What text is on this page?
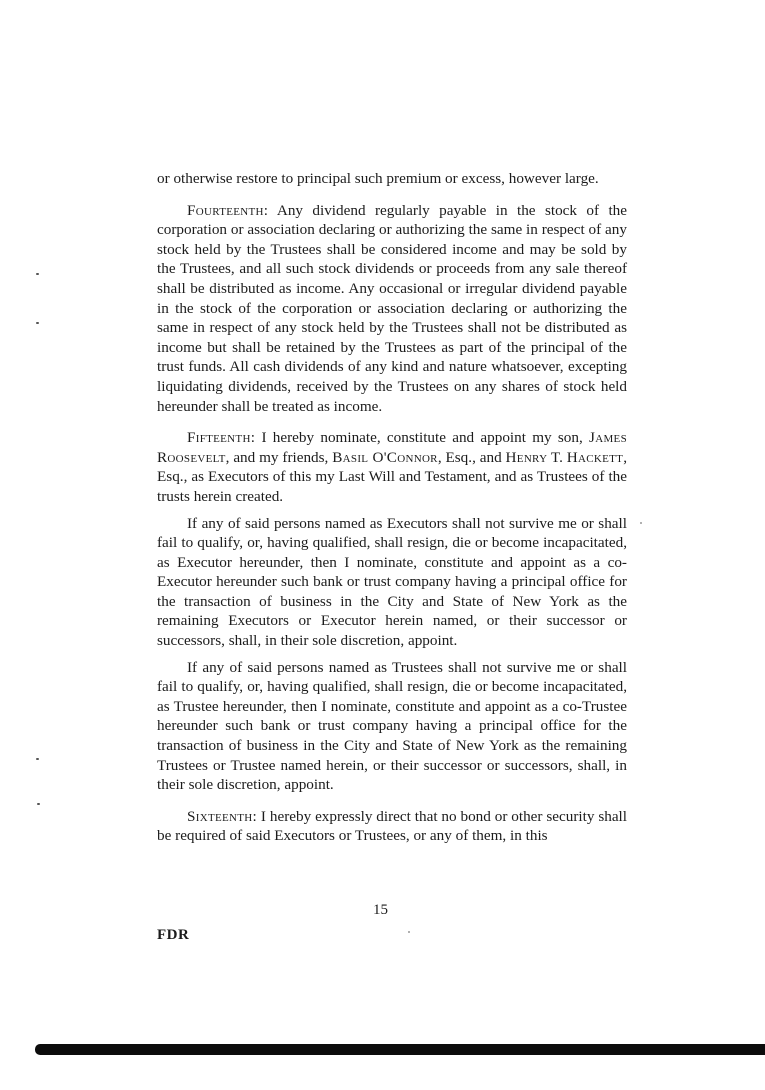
or otherwise restore to principal such premium or excess, however large.

Fourteenth: Any dividend regularly payable in the stock of the corporation or association declaring or authorizing the same in respect of any stock held by the Trustees shall be considered income and may be sold by the Trustees, and all such stock dividends or proceeds from any sale thereof shall be distributed as income. Any occasional or irregular dividend payable in the stock of the corporation or association declaring or authorizing the same in respect of any stock held by the Trustees shall not be distributed as income but shall be retained by the Trustees as part of the principal of the trust funds. All cash dividends of any kind and nature whatsoever, excepting liquidating dividends, received by the Trustees on any shares of stock held hereunder shall be treated as income.

Fifteenth: I hereby nominate, constitute and appoint my son, James Roosevelt, and my friends, Basil O'Connor, Esq., and Henry T. Hackett, Esq., as Executors of this my Last Will and Testament, and as Trustees of the trusts herein created.

If any of said persons named as Executors shall not survive me or shall fail to qualify, or, having qualified, shall resign, die or become incapacitated, as Executor hereunder, then I nominate, constitute and appoint as a co-Executor hereunder such bank or trust company having a principal office for the transaction of business in the City and State of New York as the remaining Executors or Executor herein named, or their successor or successors, shall, in their sole discretion, appoint.

If any of said persons named as Trustees shall not survive me or shall fail to qualify, or, having qualified, shall resign, die or become incapacitated, as Trustee hereunder, then I nominate, constitute and appoint as a co-Trustee hereunder such bank or trust company having a principal office for the transaction of business in the City and State of New York as the remaining Trustees or Trustee named herein, or their successor or successors, shall, in their sole discretion, appoint.

Sixteenth: I hereby expressly direct that no bond or other security shall be required of said Executors or Trustees, or any of them, in this

15
FDR
